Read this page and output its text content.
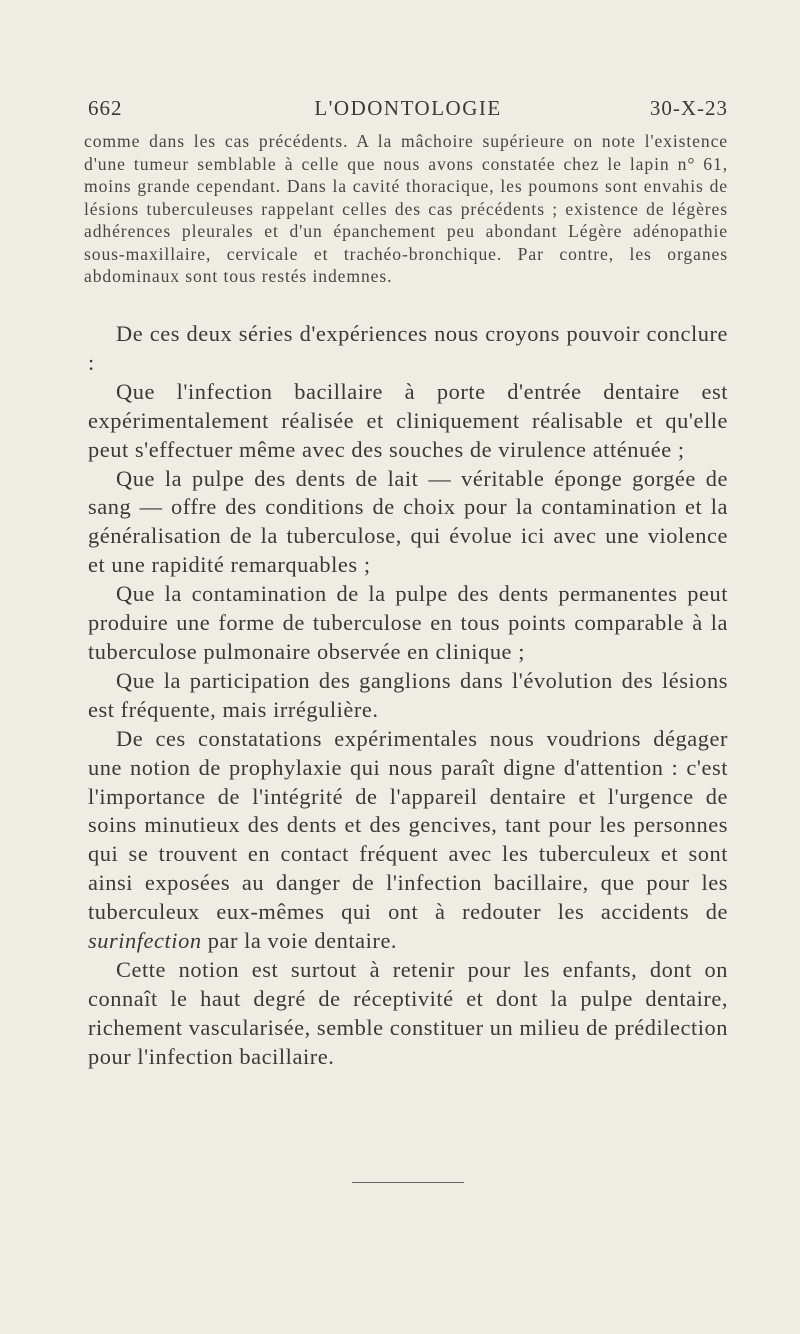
662	L'ODONTOLOGIE	30-X-23

comme dans les cas précédents. A la mâchoire supérieure on note l'existence d'une tumeur semblable à celle que nous avons constatée chez le lapin n° 61, moins grande cependant. Dans la cavité thoracique, les poumons sont envahis de lésions tuberculeuses rappelant celles des cas précédents ; existence de légères adhérences pleurales et d'un épanchement peu abondant Légère adénopathie sous-maxillaire, cervicale et trachéo-bronchique. Par contre, les organes abdominaux sont tous restés indemnes.

De ces deux séries d'expériences nous croyons pouvoir conclure :

Que l'infection bacillaire à porte d'entrée dentaire est expérimentalement réalisée et cliniquement réalisable et qu'elle peut s'effectuer même avec des souches de virulence atténuée ;

Que la pulpe des dents de lait — véritable éponge gorgée de sang — offre des conditions de choix pour la contamination et la généralisation de la tuberculose, qui évolue ici avec une violence et une rapidité remarquables ;

Que la contamination de la pulpe des dents permanentes peut produire une forme de tuberculose en tous points comparable à la tuberculose pulmonaire observée en clinique ;

Que la participation des ganglions dans l'évolution des lésions est fréquente, mais irrégulière.

De ces constatations expérimentales nous voudrions dégager une notion de prophylaxie qui nous paraît digne d'attention : c'est l'importance de l'intégrité de l'appareil dentaire et l'urgence de soins minutieux des dents et des gencives, tant pour les personnes qui se trouvent en contact fréquent avec les tuberculeux et sont ainsi exposées au danger de l'infection bacillaire, que pour les tuberculeux eux-mêmes qui ont à redouter les accidents de surinfection par la voie dentaire.

Cette notion est surtout à retenir pour les enfants, dont on connaît le haut degré de réceptivité et dont la pulpe dentaire, richement vascularisée, semble constituer un milieu de prédilection pour l'infection bacillaire.
